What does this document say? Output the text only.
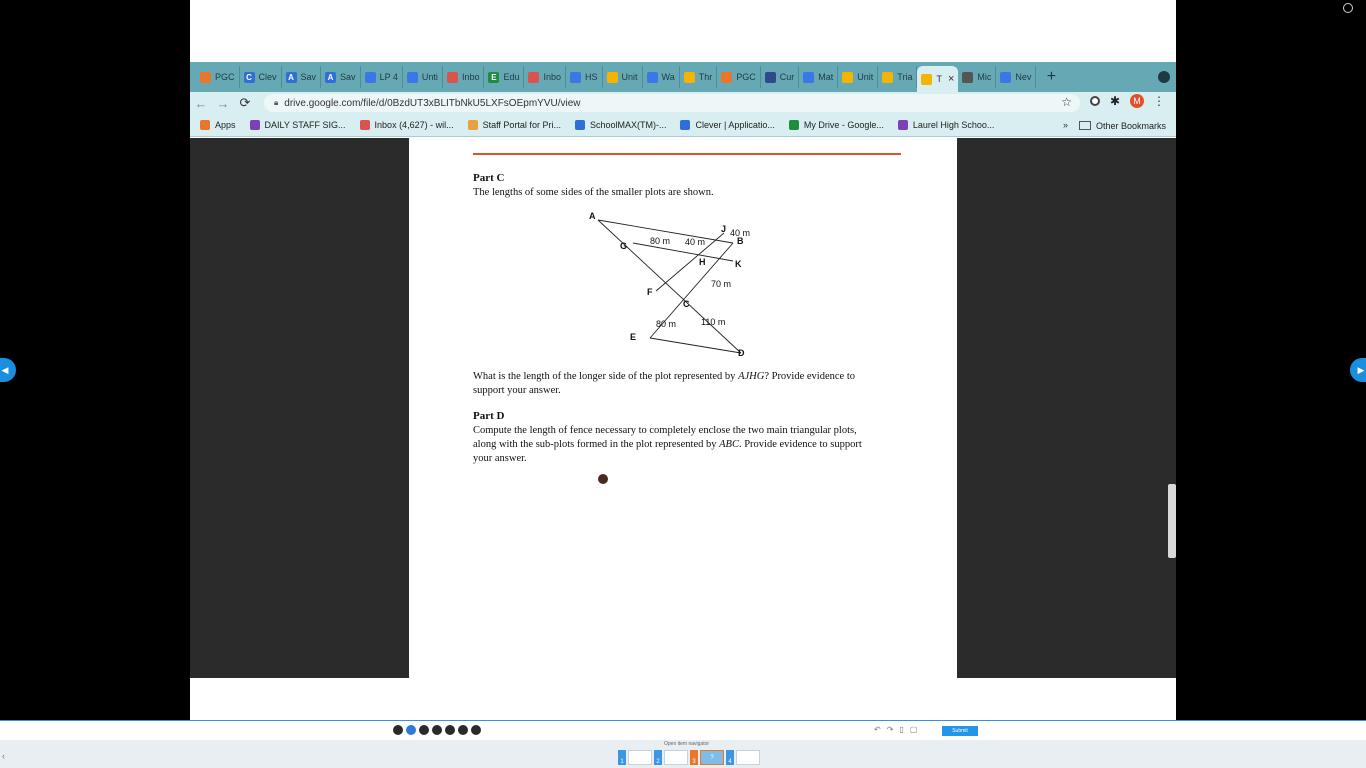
◀	▶
PGC	C Clev	A Sav	A Sav	LP 4	Unti	Inbo	E Edu	Inbo	HS	Unit	Wa	Thr	PGC	Cur	Mat	Unit	Tria	T ×	Mic	Nev +
← → ⟳	🔒︎ drive.google.com/file/d/0BzdUT3xBLITbNkU5LXFsOEpmYVU/view	☆	✱	M ⋮
Apps	DAILY STAFF SIG...	Inbox (4,627) - wil...	Staff Portal for Pri...	SchoolMAX(TM)-...	Clever | Applicatio...	My Drive - Google...	Laurel High Schoo...	»	Other Bookmarks
Part C
The lengths of some sides of the smaller plots are shown.
A
J
B
G
H	K
F
C
E
D
40 m
80 m 40 m
70 m
80 m	110 m
What is the length of the longer side of the plot represented by AJHG? Provide evidence to support your answer.
Part D
Compute the length of fence necessary to completely enclose the two main triangular plots, along with the sub-plots formed in the plot represented by ABC. Provide evidence to support your answer.
↶ ↷ ▯ ▢	Submit
Open item navigator
‹
1	2	3
?
4
